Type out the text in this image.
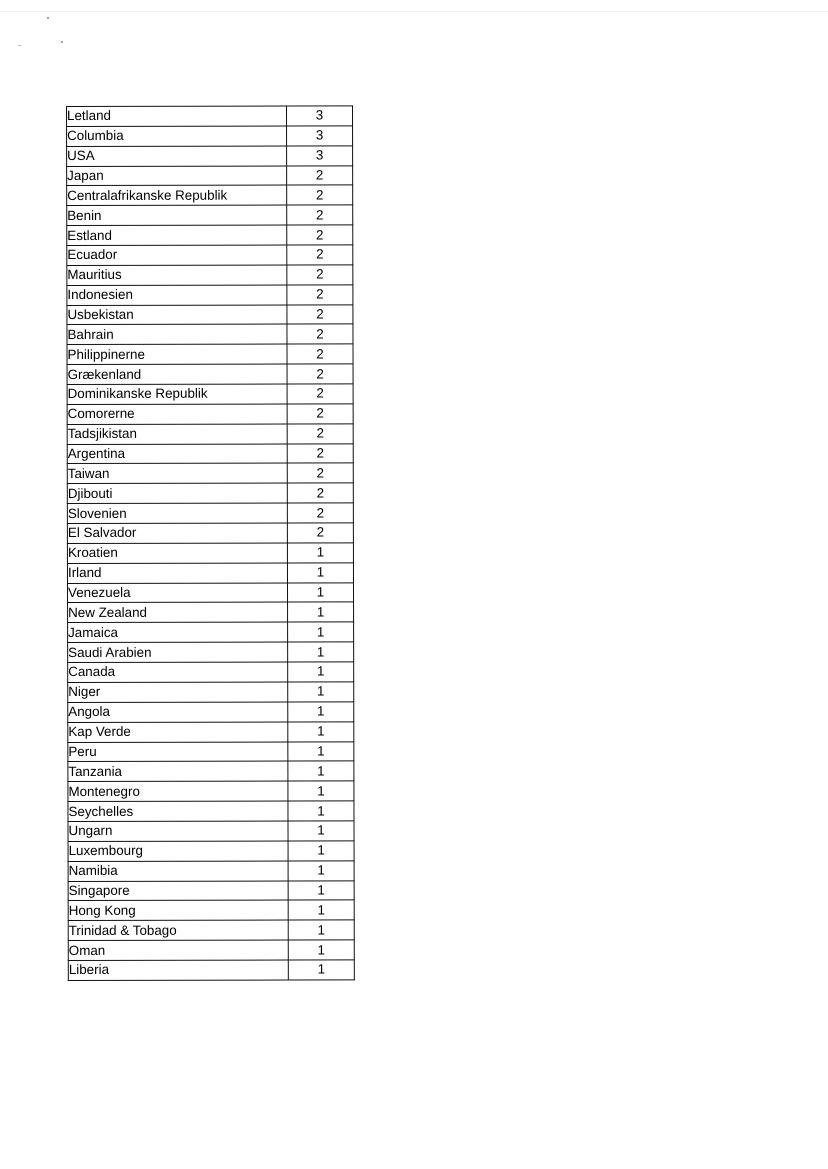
Letland	3
Columbia	3
USA	3
Japan	2
Centralafrikanske Republik	2
Benin	2
Estland	2
Ecuador	2
Mauritius	2
Indonesien	2
Usbekistan	2
Bahrain	2
Philippinerne	2
Grækenland	2
Dominikanske Republik	2
Comorerne	2
Tadsjikistan	2
Argentina	2
Taiwan	2
Djibouti	2
Slovenien	2
El Salvador	2
Kroatien	1
Irland	1
Venezuela	1
New Zealand	1
Jamaica	1
Saudi Arabien	1
Canada	1
Niger	1
Angola	1
Kap Verde	1
Peru	1
Tanzania	1
Montenegro	1
Seychelles	1
Ungarn	1
Luxembourg	1
Namibia	1
Singapore	1
Hong Kong	1
Trinidad & Tobago	1
Oman	1
Liberia	1
